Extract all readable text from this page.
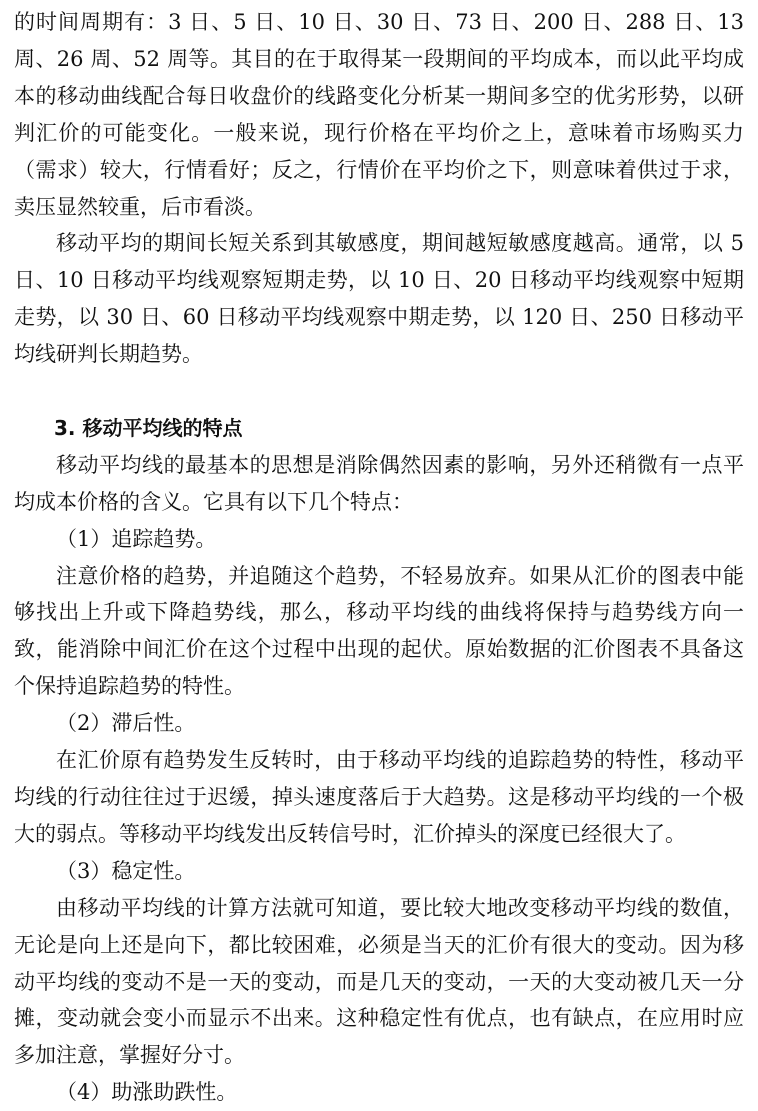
的时间周期有：3 日、5 日、10 日、30 日、73 日、200 日、288 日、13 周、26 周、52 周等。其目的在于取得某一段期间的平均成本，而以此平均成本的移动曲线配合每日收盘价的线路变化分析某一期间多空的优劣形势，以研判汇价的可能变化。一般来说，现行价格在平均价之上，意味着市场购买力（需求）较大，行情看好；反之，行情价在平均价之下，则意味着供过于求，卖压显然较重，后市看淡。

移动平均的期间长短关系到其敏感度，期间越短敏感度越高。通常，以 5 日、10 日移动平均线观察短期走势，以 10 日、20 日移动平均线观察中短期走势，以 30 日、60 日移动平均线观察中期走势，以 120 日、250 日移动平均线研判长期趋势。

3. 移动平均线的特点

移动平均线的最基本的思想是消除偶然因素的影响，另外还稍微有一点平均成本价格的含义。它具有以下几个特点：

（1）追踪趋势。

注意价格的趋势，并追随这个趋势，不轻易放弃。如果从汇价的图表中能够找出上升或下降趋势线，那么，移动平均线的曲线将保持与趋势线方向一致，能消除中间汇价在这个过程中出现的起伏。原始数据的汇价图表不具备这个保持追踪趋势的特性。

（2）滞后性。

在汇价原有趋势发生反转时，由于移动平均线的追踪趋势的特性，移动平均线的行动往往过于迟缓，掉头速度落后于大趋势。这是移动平均线的一个极大的弱点。等移动平均线发出反转信号时，汇价掉头的深度已经很大了。

（3）稳定性。

由移动平均线的计算方法就可知道，要比较大地改变移动平均线的数值，无论是向上还是向下，都比较困难，必须是当天的汇价有很大的变动。因为移动平均线的变动不是一天的变动，而是几天的变动，一天的大变动被几天一分摊，变动就会变小而显示不出来。这种稳定性有优点，也有缺点，在应用时应多加注意，掌握好分寸。

（4）助涨助跌性。
